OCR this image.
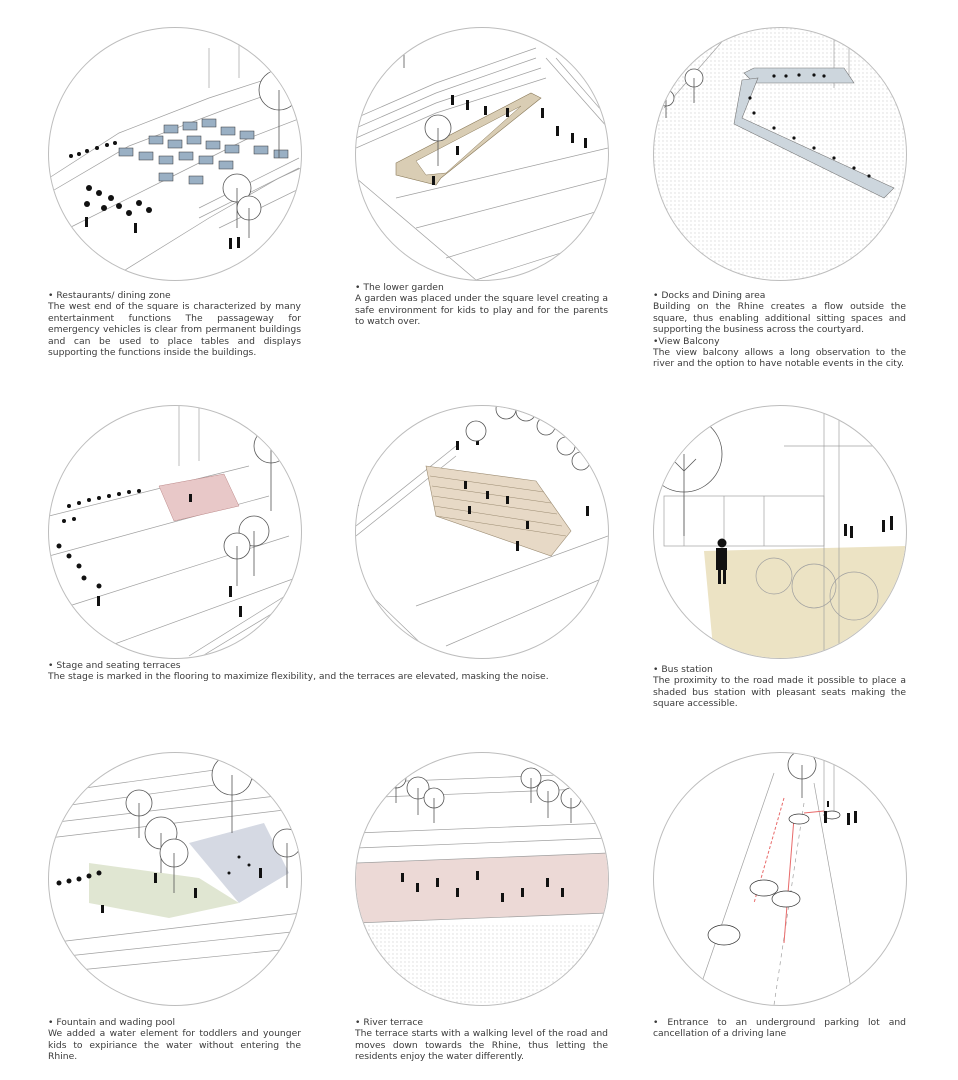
• Restaurants/ dining zone
The west end of the square is characterized by many entertainment functions The passageway for emergency vehicles is clear from permanent buildings and can be used to place tables and displays supporting the functions inside the buildings.
• The lower garden
A garden was placed under the square level creating a safe environment for kids to play and for the parents to watch over.
• Docks and Dining area
Building on the Rhine creates a flow outside the square, thus enabling additional sitting spaces and supporting the business across the courtyard.
•View Balcony
The view balcony allows a long observation to the river and the option to have notable events in the city.
• Stage and seating terraces
The stage is marked in the flooring to maximize flexibility, and the terraces are elevated, masking the noise.
• Bus station
The proximity to the road made it possible to place a shaded bus station with pleasant seats making the square accessible.
• Fountain and wading pool
We added a water element for toddlers and younger kids to expiriance the water without entering the Rhine.
• River terrace
The terrace starts with a walking level of the road and moves down towards the Rhine, thus letting the residents enjoy the water differently.
• Entrance to an underground parking lot and cancellation of a driving lane
